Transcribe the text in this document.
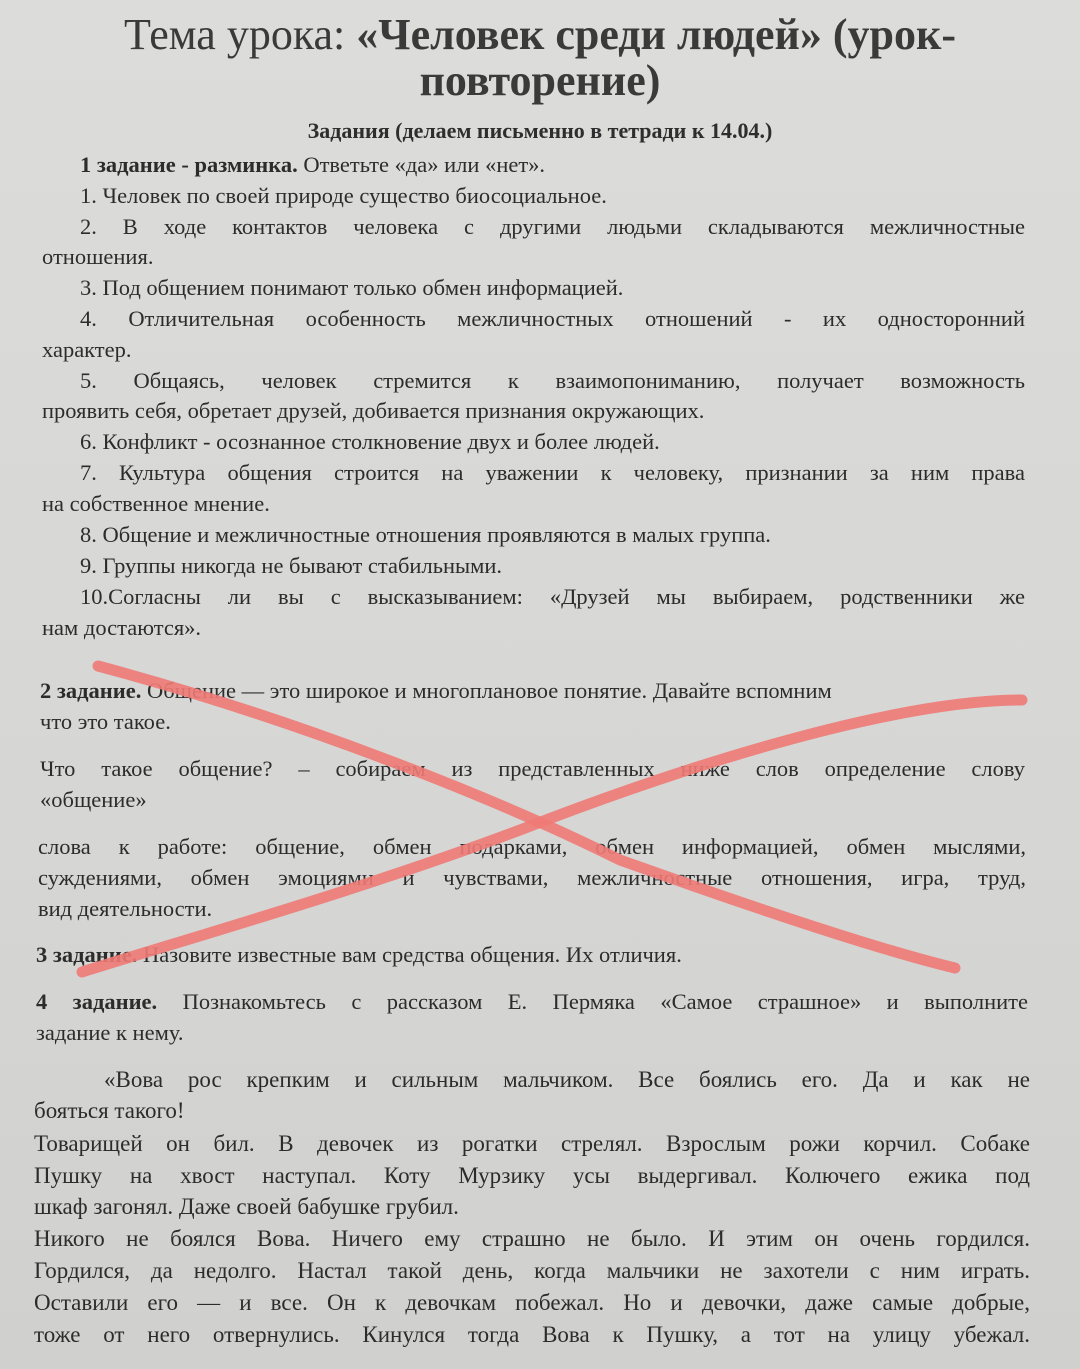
Тема урока: «Человек среди людей» (урок-
повторение)
Задания (делаем письменно в тетради к 14.04.)
1 задание - разминка. Ответьте «да» или «нет».
1. Человек по своей природе существо биосоциальное.
2. В ходе контактов человека с другими людьми складываются межличностные
отношения.
3. Под общением понимают только обмен информацией.
4. Отличительная особенность межличностных отношений - их односторонний
характер.
5. Общаясь, человек стремится к взаимопониманию, получает возможность
проявить себя, обретает друзей, добивается признания окружающих.
6. Конфликт - осознанное столкновение двух и более людей.
7. Культура общения строится на уважении к человеку, признании за ним права
на собственное мнение.
8. Общение и межличностные отношения проявляются в малых группа.
9. Группы никогда не бывают стабильными.
10.Согласны ли вы с высказыванием: «Друзей мы выбираем, родственники же
нам достаются».
2 задание. Общение — это широкое и многоплановое понятие. Давайте вспомним
что это такое.
Что такое общение? – собираем из представленных ниже слов определение слову
«общение»
слова к работе: общение, обмен подарками, обмен информацией, обмен мыслями,
суждениями, обмен эмоциями и чувствами, межличностные отношения, игра, труд,
вид деятельности.
3 задание. Назовите известные вам средства общения. Их отличия.
4 задание. Познакомьтесь с рассказом Е. Пермяка «Самое страшное» и выполните
задание к нему.
«Вова рос крепким и сильным мальчиком. Все боялись его. Да и как не
бояться такого!
Товарищей он бил. В девочек из рогатки стрелял. Взрослым рожи корчил. Собаке
Пушку на хвост наступал. Коту Мурзику усы выдергивал. Колючего ежика под
шкаф загонял. Даже своей бабушке грубил.
Никого не боялся Вова. Ничего ему страшно не было. И этим он очень гордился.
Гордился, да недолго. Настал такой день, когда мальчики не захотели с ним играть.
Оставили его — и все. Он к девочкам побежал. Но и девочки, даже самые добрые,
тоже от него отвернулись. Кинулся тогда Вова к Пушку, а тот на улицу убежал.
